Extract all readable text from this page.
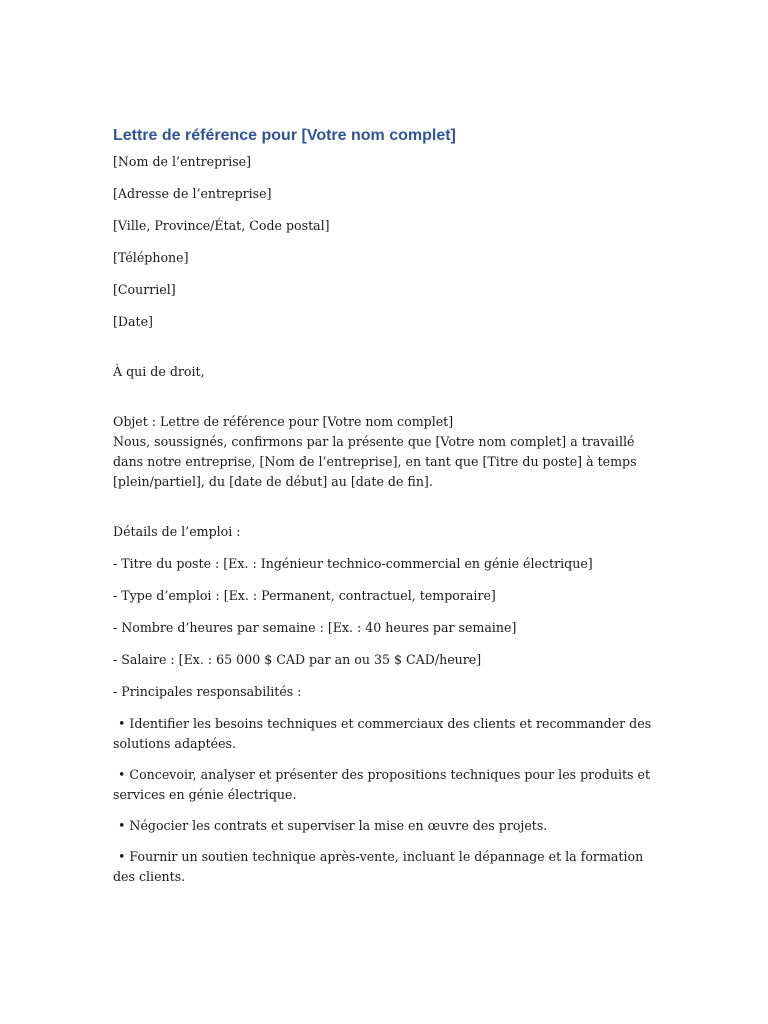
Lettre de référence pour [Votre nom complet]

[Nom de l’entreprise]

[Adresse de l’entreprise]

[Ville, Province/État, Code postal]

[Téléphone]

[Courriel]

[Date]

À qui de droit,

Objet : Lettre de référence pour [Votre nom complet]

Nous, soussignés, confirmons par la présente que [Votre nom complet] a travaillé dans notre entreprise, [Nom de l’entreprise], en tant que [Titre du poste] à temps [plein/partiel], du [date de début] au [date de fin].

Détails de l’emploi :

- Titre du poste : [Ex. : Ingénieur technico-commercial en génie électrique]

- Type d’emploi : [Ex. : Permanent, contractuel, temporaire]

- Nombre d’heures par semaine : [Ex. : 40 heures par semaine]

- Salaire : [Ex. : 65 000 $ CAD par an ou 35 $ CAD/heure]

- Principales responsabilités :

• Identifier les besoins techniques et commerciaux des clients et recommander des solutions adaptées.

• Concevoir, analyser et présenter des propositions techniques pour les produits et services en génie électrique.

• Négocier les contrats et superviser la mise en œuvre des projets.

• Fournir un soutien technique après-vente, incluant le dépannage et la formation des clients.
